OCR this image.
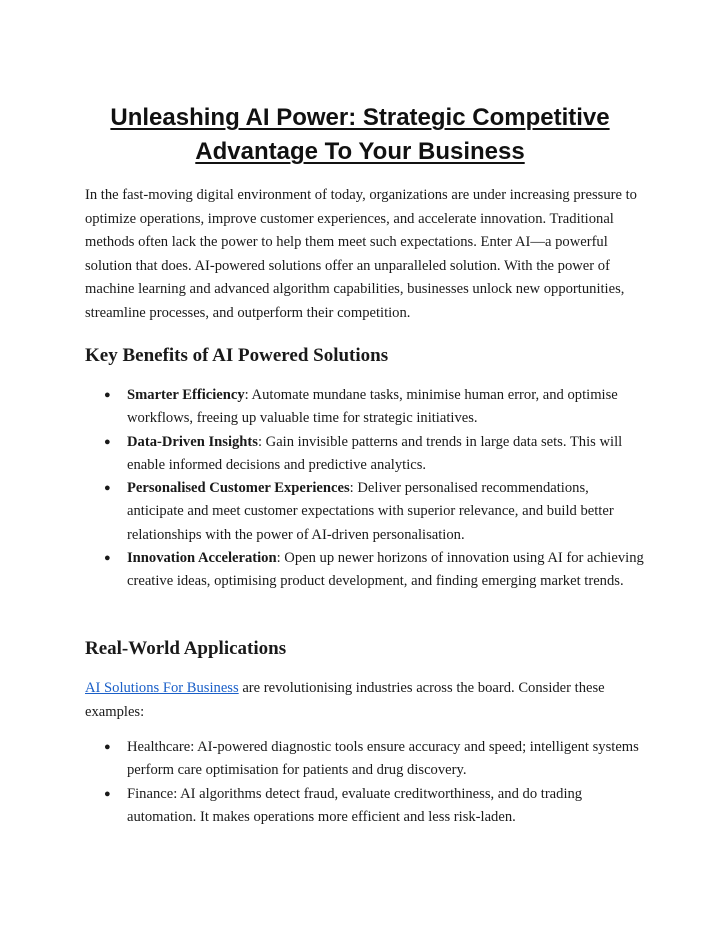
Unleashing AI Power: Strategic Competitive
Advantage To Your Business

In the fast-moving digital environment of today, organizations are under increasing pressure to optimize operations, improve customer experiences, and accelerate innovation. Traditional methods often lack the power to help them meet such expectations. Enter AI—a powerful solution that does. AI-powered solutions offer an unparalleled solution. With the power of machine learning and advanced algorithm capabilities, businesses unlock new opportunities, streamline processes, and outperform their competition.

Key Benefits of AI Powered Solutions
● Smarter Efficiency: Automate mundane tasks, minimise human error, and optimise workflows, freeing up valuable time for strategic initiatives.
● Data-Driven Insights: Gain invisible patterns and trends in large data sets. This will enable informed decisions and predictive analytics.
● Personalised Customer Experiences: Deliver personalised recommendations, anticipate and meet customer expectations with superior relevance, and build better relationships with the power of AI-driven personalisation.
● Innovation Acceleration: Open up newer horizons of innovation using AI for achieving creative ideas, optimising product development, and finding emerging market trends.
Real-World Applications

AI Solutions For Business are revolutionising industries across the board. Consider these examples:

● Healthcare: AI-powered diagnostic tools ensure accuracy and speed; intelligent systems perform care optimisation for patients and drug discovery.
● Finance: AI algorithms detect fraud, evaluate creditworthiness, and do trading automation. It makes operations more efficient and less risk-laden.
